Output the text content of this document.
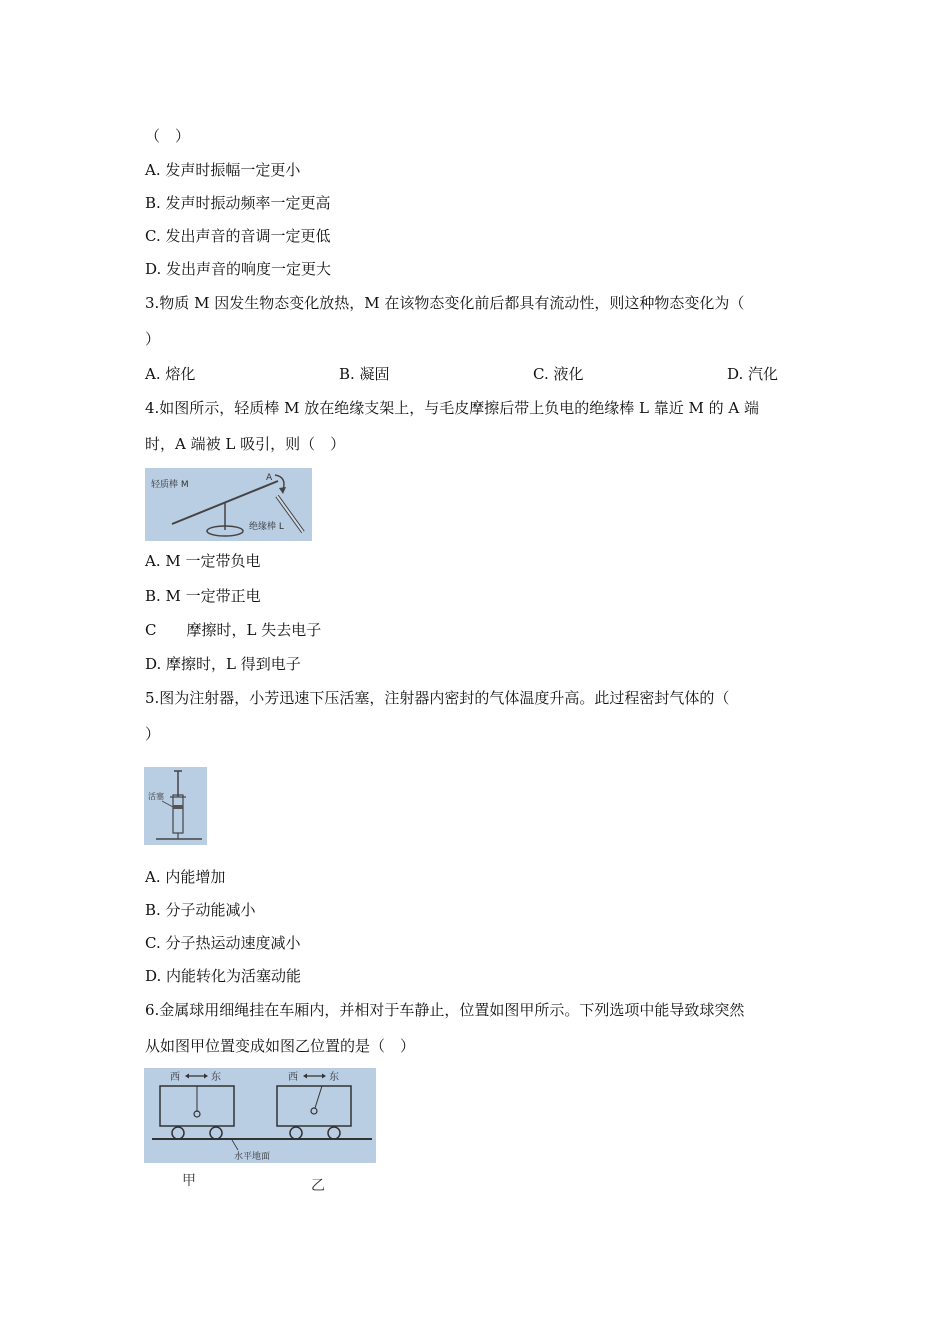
（　）
A. 发声时振幅一定更小
B. 发声时振动频率一定更高
C. 发出声音的音调一定更低
D. 发出声音的响度一定更大
3.物质 M 因发生物态变化放热，M 在该物态变化前后都具有流动性，则这种物态变化为（
）
A. 熔化	B. 凝固	C. 液化	D. 汽化
4.如图所示，轻质棒 M 放在绝缘支架上，与毛皮摩擦后带上负电的绝缘棒 L 靠近 M 的 A 端
时，A 端被 L 吸引，则（　）
轻质棒 M
A
绝缘棒 L
A. M 一定带负电
B. M 一定带正电
C　　摩擦时，L 失去电子
D. 摩擦时，L 得到电子
5.图为注射器，小芳迅速下压活塞，注射器内密封的气体温度升高。此过程密封气体的（
）
活塞
A. 内能增加
B. 分子动能减小
C. 分子热运动速度减小
D. 内能转化为活塞动能
6.金属球用细绳挂在车厢内，并相对于车静止，位置如图甲所示。下列选项中能导致球突然
从如图甲位置变成如图乙位置的是（　）
西	东	西	东
水平地面
甲	乙
